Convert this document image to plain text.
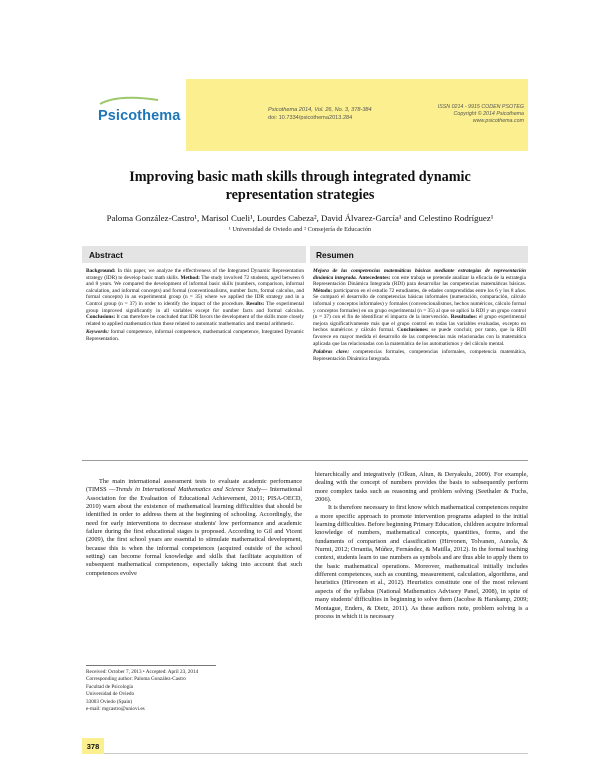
Psicothema	Psicothema 2014, Vol. 26, No. 3, 378-384
doi: 10.7334/psicothema2013.284
ISSN 0214 - 9915 CODEN PSOTEG
Copyright © 2014 Psicothema
www.psicothema.com
Improving basic math skills through integrated dynamic representation strategies
Paloma González-Castro¹, Marisol Cueli¹, Lourdes Cabeza², David Álvarez-García¹ and Celestino Rodríguez¹
¹ Universidad de Oviedo and ² Consejería de Educación
Abstract

Background: In this paper, we analyze the effectiveness of the Integrated Dynamic Representation strategy (IDR) to develop basic math skills. Method: The study involved 72 students, aged between 6 and 8 years. We compared the development of informal basic skills (numbers, comparison, informal calculation, and informal concepts) and formal (conventionalisms, number facts, formal calculus, and formal concepts) in an experimental group (n = 35) where we applied the IDR strategy and in a Control group (n = 37) in order to identify the impact of the procedure. Results: The experimental group improved significantly in all variables except for number facts and formal calculus. Conclusions: It can therefore be concluded that IDR favors the development of the skills more closely related to applied mathematics than those related to automatic mathematics and mental arithmetic.

Keywords: formal competence, informal competence, mathematical competence, Integrated Dynamic Representation.

Resumen

Mejora de las competencias matemáticas básicas mediante estrategias de representación dinámica integrada. Antecedentes: con este trabajo se pretende analizar la eficacia de la estrategia Representación Dinámica Integrada (RDI) para desarrollar las competencias matemáticas básicas. Método: participaron en el estudio 72 estudiantes, de edades comprendidas entre los 6 y los 8 años. Se comparó el desarrollo de competencias básicas informales (numeración, comparación, cálculo informal y conceptos informales) y formales (convencionalismos, hechos numéricos, cálculo formal y conceptos formales) en un grupo experimental (n = 35) al que se aplicó la RDI y un grupo control (n = 37) con el fin de identificar el impacto de la intervención. Resultados: el grupo experimental mejora significativamente más que el grupo control en todas las variables evaluadas, excepto en hechos numéricos y cálculo formal. Conclusiones: se puede concluir, por tanto, que la RDI favorece en mayor medida el desarrollo de las competencias más relacionadas con la matemática aplicada que las relacionadas con la matemática de los automatismos y del cálculo mental.

Palabras clave: competencias formales, competencias informales, competencia matemática, Representación Dinámica Integrada.

The main international assessment tests to evaluate academic performance (TIMSS —Trends in International Mathematics and Science Study— International Association for the Evaluation of Educational Achievement, 2011; PISA-OECD, 2010) warn about the existence of mathematical learning difficulties that should be identified in order to address them at the beginning of schooling. Accordingly, the need for early interventions to decrease students' low performance and academic failure during the first educational stages is proposed. According to Gil and Vicent (2009), the first school years are essential to stimulate mathematical development, because this is when the informal competences (acquired outside of the school setting) can become formal knowledge and skills that facilitate acquisition of subsequent mathematical competences, especially taking into account that such competences evolve

hierarchically and integratively (Olkun, Altun, & Deryakulu, 2009). For example, dealing with the concept of numbers provides the basis to subsequently perform more complex tasks such as reasoning and problem solving (Seethaler & Fuchs, 2006).

It is therefore necessary to first know which mathematical competences require a more specific approach to promote intervention programs adapted to the initial learning difficulties. Before beginning Primary Education, children acquire informal knowledge of numbers, mathematical concepts, quantities, forms, and the fundaments of comparison and classification (Hirvonen, Tolvanen, Aunola, & Nurmi, 2012; Orrantia, Múñez, Fernández, & Matilla, 2012). In the formal teaching context, students learn to use numbers as symbols and are thus able to apply them to the basic mathematical operations. Moreover, mathematical initially includes different competences, such as counting, measurement, calculation, algorithms, and heuristics (Hirvonen et al., 2012). Heuristics constitute one of the most relevant aspects of the syllabus (National Mathematics Advisory Panel, 2008), in spite of many students' difficulties in beginning to solve them (Jacobse & Harskamp, 2009; Montague, Enders, & Dietz, 2011). As these authors note, problem solving is a process in which it is necessary

Received: October 7, 2013 • Accepted: April 23, 2014
Corresponding author: Paloma González-Castro
Facultad de Psicología
Universidad de Oviedo
33003 Oviedo (Spain)
e-mail: mgcastro@uniovi.es
378
